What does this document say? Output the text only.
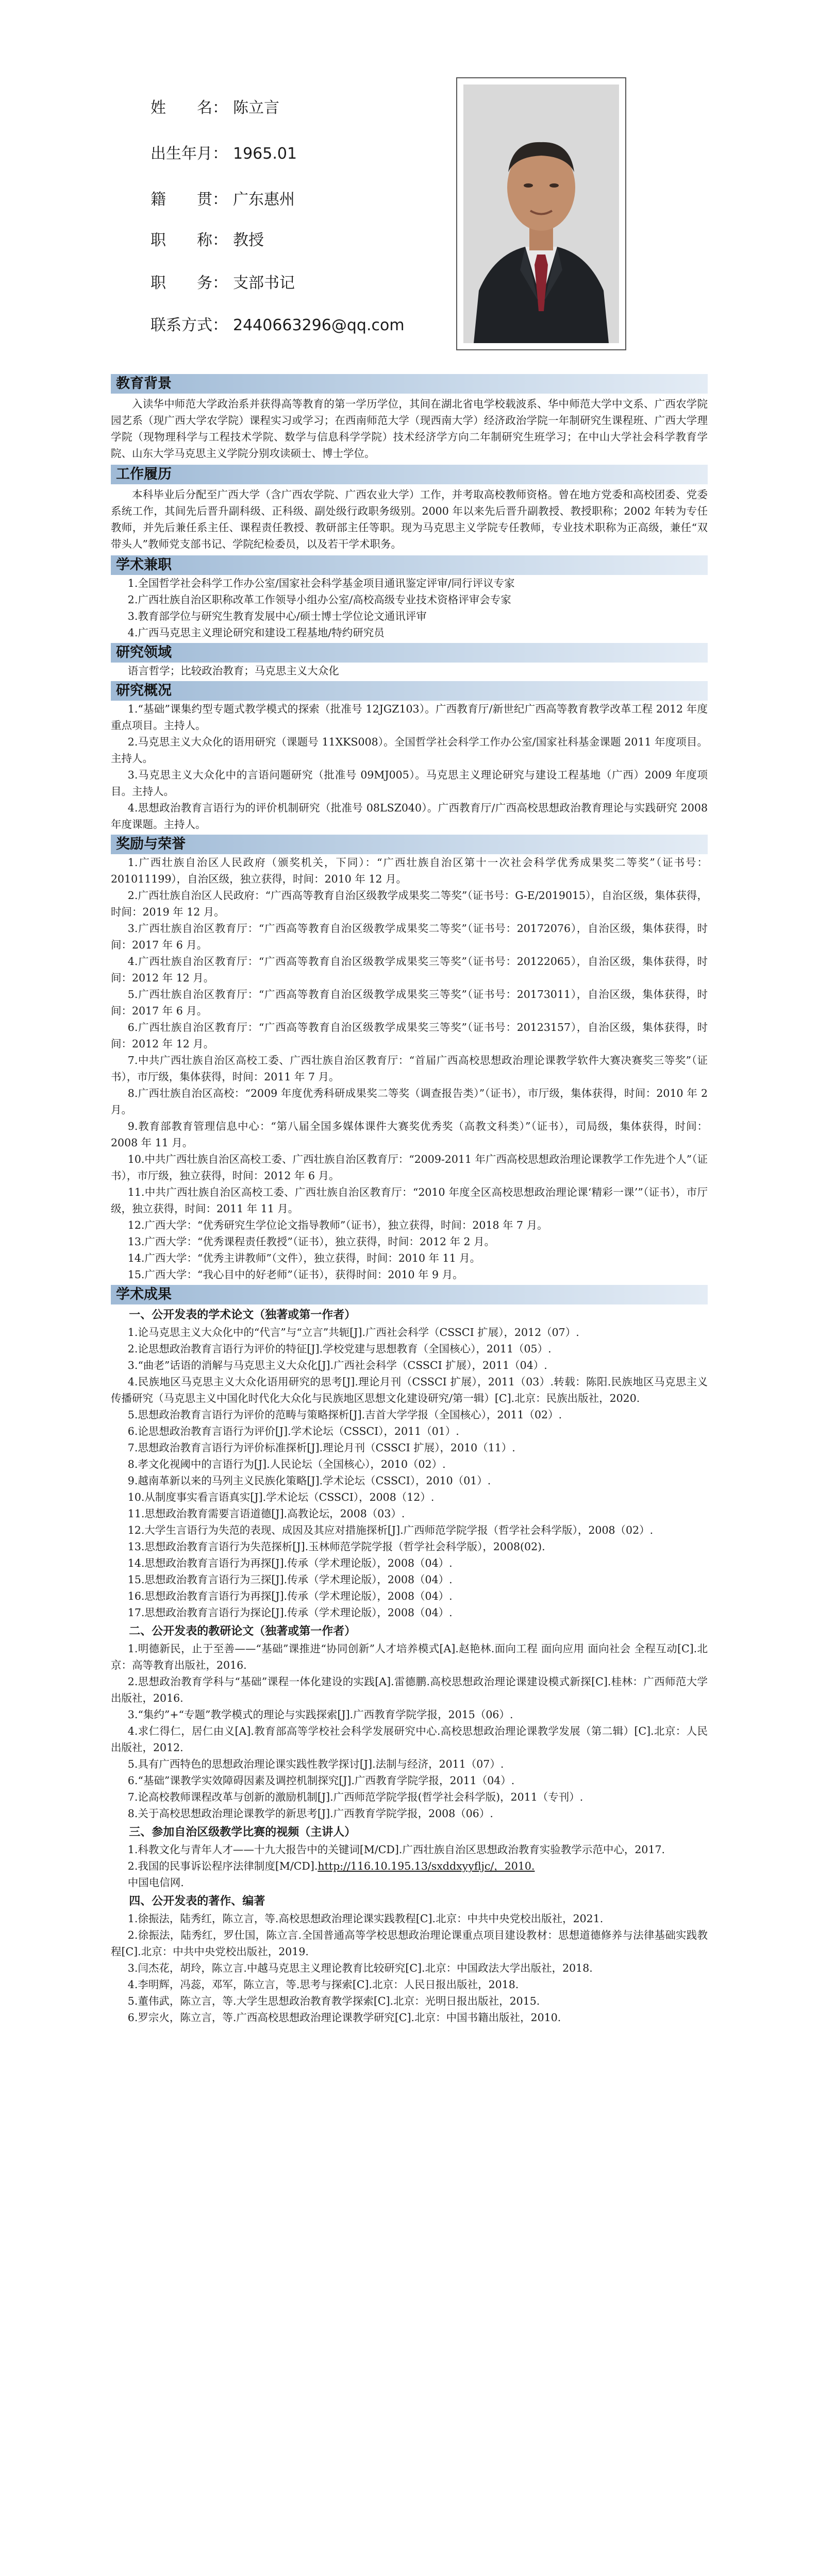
姓　　名： 陈立言
出生年月： 1965.01
籍　　贯： 广东惠州
职　　称： 教授
职　　务： 支部书记
联系方式： 2440663296@qq.com
教育背景

入读华中师范大学政治系并获得高等教育的第一学历学位，其间在湖北省电学校载波系、华中师范大学中文系、广西农学院园艺系（现广西大学农学院）课程实习或学习；在西南师范大学（现西南大学）经济政治学院一年制研究生课程班、广西大学理学院（现物理科学与工程技术学院、数学与信息科学学院）技术经济学方向二年制研究生班学习；在中山大学社会科学教育学院、山东大学马克思主义学院分别攻读硕士、博士学位。

工作履历

本科毕业后分配至广西大学（含广西农学院、广西农业大学）工作，并考取高校教师资格。曾在地方党委和高校团委、党委系统工作，其间先后晋升副科级、正科级、副处级行政职务级别。2000 年以来先后晋升副教授、教授职称；2002 年转为专任教师，并先后兼任系主任、课程责任教授、教研部主任等职。现为马克思主义学院专任教师，专业技术职称为正高级，兼任“双带头人”教师党支部书记、学院纪检委员，以及若干学术职务。

学术兼职

1.全国哲学社会科学工作办公室/国家社会科学基金项目通讯鉴定评审/同行评议专家

2.广西壮族自治区职称改革工作领导小组办公室/高校高级专业技术资格评审会专家

3.教育部学位与研究生教育发展中心/硕士博士学位论文通讯评审

4.广西马克思主义理论研究和建设工程基地/特约研究员

研究领域

语言哲学；比较政治教育；马克思主义大众化

研究概况

1.“基础”课集约型专题式教学模式的探索（批准号 12JGZ103）。广西教育厅/新世纪广西高等教育教学改革工程 2012 年度重点项目。主持人。

2.马克思主义大众化的语用研究（课题号 11XKS008）。全国哲学社会科学工作办公室/国家社科基金课题 2011 年度项目。主持人。

3.马克思主义大众化中的言语问题研究（批准号 09MJ005）。马克思主义理论研究与建设工程基地（广西）2009 年度项目。主持人。

4.思想政治教育言语行为的评价机制研究（批准号 08LSZ040）。广西教育厅/广西高校思想政治教育理论与实践研究 2008 年度课题。主持人。

奖励与荣誉

1.广西壮族自治区人民政府（颁奖机关，下同）：“广西壮族自治区第十一次社会科学优秀成果奖二等奖”（证书号：201011199），自治区级，独立获得，时间：2010 年 12 月。

2.广西壮族自治区人民政府：“广西高等教育自治区级教学成果奖二等奖”（证书号：G-E/2019015），自治区级，集体获得，时间：2019 年 12 月。

3.广西壮族自治区教育厅：“广西高等教育自治区级教学成果奖二等奖”（证书号：20172076），自治区级，集体获得，时间：2017 年 6 月。

4.广西壮族自治区教育厅：“广西高等教育自治区级教学成果奖三等奖”（证书号：20122065），自治区级，集体获得，时间：2012 年 12 月。

5.广西壮族自治区教育厅：“广西高等教育自治区级教学成果奖三等奖”（证书号：20173011），自治区级，集体获得，时间：2017 年 6 月。

6.广西壮族自治区教育厅：“广西高等教育自治区级教学成果奖三等奖”（证书号：20123157），自治区级，集体获得，时间：2012 年 12 月。

7.中共广西壮族自治区高校工委、广西壮族自治区教育厅：“首届广西高校思想政治理论课教学软件大赛决赛奖三等奖”（证书），市厅级，集体获得，时间：2011 年 7 月。

8.广西壮族自治区高校：“2009 年度优秀科研成果奖二等奖（调查报告类）”（证书），市厅级，集体获得，时间：2010 年 2 月。

9.教育部教育管理信息中心：“第八届全国多媒体课件大赛奖优秀奖（高教文科类）”（证书），司局级，集体获得，时间：2008 年 11 月。

10.中共广西壮族自治区高校工委、广西壮族自治区教育厅：“2009-2011 年广西高校思想政治理论课教学工作先进个人”（证书），市厅级，独立获得，时间：2012 年 6 月。

11.中共广西壮族自治区高校工委、广西壮族自治区教育厅：“2010 年度全区高校思想政治理论课‘精彩一课’”（证书），市厅级，独立获得，时间：2011 年 11 月。

12.广西大学：“优秀研究生学位论文指导教师”（证书），独立获得，时间：2018 年 7 月。

13.广西大学：“优秀课程责任教授”（证书），独立获得，时间：2012 年 2 月。

14.广西大学：“优秀主讲教师”（文件），独立获得，时间：2010 年 11 月。

15.广西大学：“我心目中的好老师”（证书），获得时间：2010 年 9 月。

学术成果

一、公开发表的学术论文（独著或第一作者）

1.论马克思主义大众化中的“代言”与“立言”共轭[J].广西社会科学（CSSCI 扩展），2012（07）.

2.论思想政治教育言语行为评价的特征[J].学校党建与思想教育（全国核心），2011（05）.

3.“曲老”话语的消解与马克思主义大众化[J].广西社会科学（CSSCI 扩展），2011（04）.

4.民族地区马克思主义大众化语用研究的思考[J].理论月刊（CSSCI 扩展），2011（03）.转载：陈阳.民族地区马克思主义传播研究（马克思主义中国化时代化大众化与民族地区思想文化建设研究/第一辑）[C].北京：民族出版社，2020.

5.思想政治教育言语行为评价的范畴与策略探析[J].吉首大学学报（全国核心），2011（02）.

6.论思想政治教育言语行为评价[J].学术论坛（CSSCI），2011（01）.

7.思想政治教育言语行为评价标准探析[J].理论月刊（CSSCI 扩展），2010（11）.

8.孝文化视阈中的言语行为[J].人民论坛（全国核心），2010（02）.

9.越南革新以来的马列主义民族化策略[J].学术论坛（CSSCI），2010（01）.

10.从制度事实看言语真实[J].学术论坛（CSSCI），2008（12）.

11.思想政治教育需要言语道德[J].高教论坛，2008（03）.

12.大学生言语行为失范的表现、成因及其应对措施探析[J].广西师范学院学报（哲学社会科学版），2008（02）.

13.思想政治教育言语行为失范探析[J].玉林师范学院学报（哲学社会科学版），2008(02).

14.思想政治教育言语行为再探[J].传承（学术理论版），2008（04）.

15.思想政治教育言语行为三探[J].传承（学术理论版），2008（04）.

16.思想政治教育言语行为再探[J].传承（学术理论版），2008（04）.

17.思想政治教育言语行为探论[J].传承（学术理论版），2008（04）.

二、公开发表的教研论文（独著或第一作者）

1.明德新民，止于至善——“基础”课推进“协同创新”人才培养模式[A].赵艳林.面向工程 面向应用 面向社会 全程互动[C].北京：高等教育出版社，2016.

2.思想政治教育学科与“基础”课程一体化建设的实践[A].雷德鹏.高校思想政治理论课建设模式新探[C].桂林：广西师范大学出版社，2016.

3.“集约”+“专题”教学模式的理论与实践探索[J].广西教育学院学报，2015（06）.

4.求仁得仁，居仁由义[A].教育部高等学校社会科学发展研究中心.高校思想政治理论课教学发展（第二辑）[C].北京：人民出版社，2012.

5.具有广西特色的思想政治理论课实践性教学探讨[J].法制与经济，2011（07）.

6.“基础”课教学实效障碍因素及调控机制探究[J].广西教育学院学报，2011（04）.

7.论高校教师课程改革与创新的激励机制[J].广西师范学院学报(哲学社会科学版)，2011（专刊）.

8.关于高校思想政治理论课教学的新思考[J].广西教育学院学报，2008（06）.

三、参加自治区级教学比赛的视频（主讲人）

1.科教文化与青年人才——十九大报告中的关键词[M/CD].广西壮族自治区思想政治教育实验教学示范中心，2017.

2.我国的民事诉讼程序法律制度[M/CD].http://116.10.195.13/sxddxyyfljc/，2010.

中国电信网.

四、公开发表的著作、编著

1.徐振法，陆秀红，陈立言，等.高校思想政治理论课实践教程[C].北京：中共中央党校出版社，2021.

2.徐振法，陆秀红，罗仕国，陈立言.全国普通高等学校思想政治理论课重点项目建设教材：思想道德修养与法律基础实践教程[C].北京：中共中央党校出版社，2019.

3.闫杰花，胡玲，陈立言.中越马克思主义理论教育比较研究[C].北京：中国政法大学出版社，2018.

4.李明辉，冯蕊，邓军，陈立言，等.思考与探索[C].北京：人民日报出版社，2018.

5.董伟武，陈立言，等.大学生思想政治教育教学探索[C].北京：光明日报出版社，2015.

6.罗宗火，陈立言，等.广西高校思想政治理论课教学研究[C].北京：中国书籍出版社，2010.
